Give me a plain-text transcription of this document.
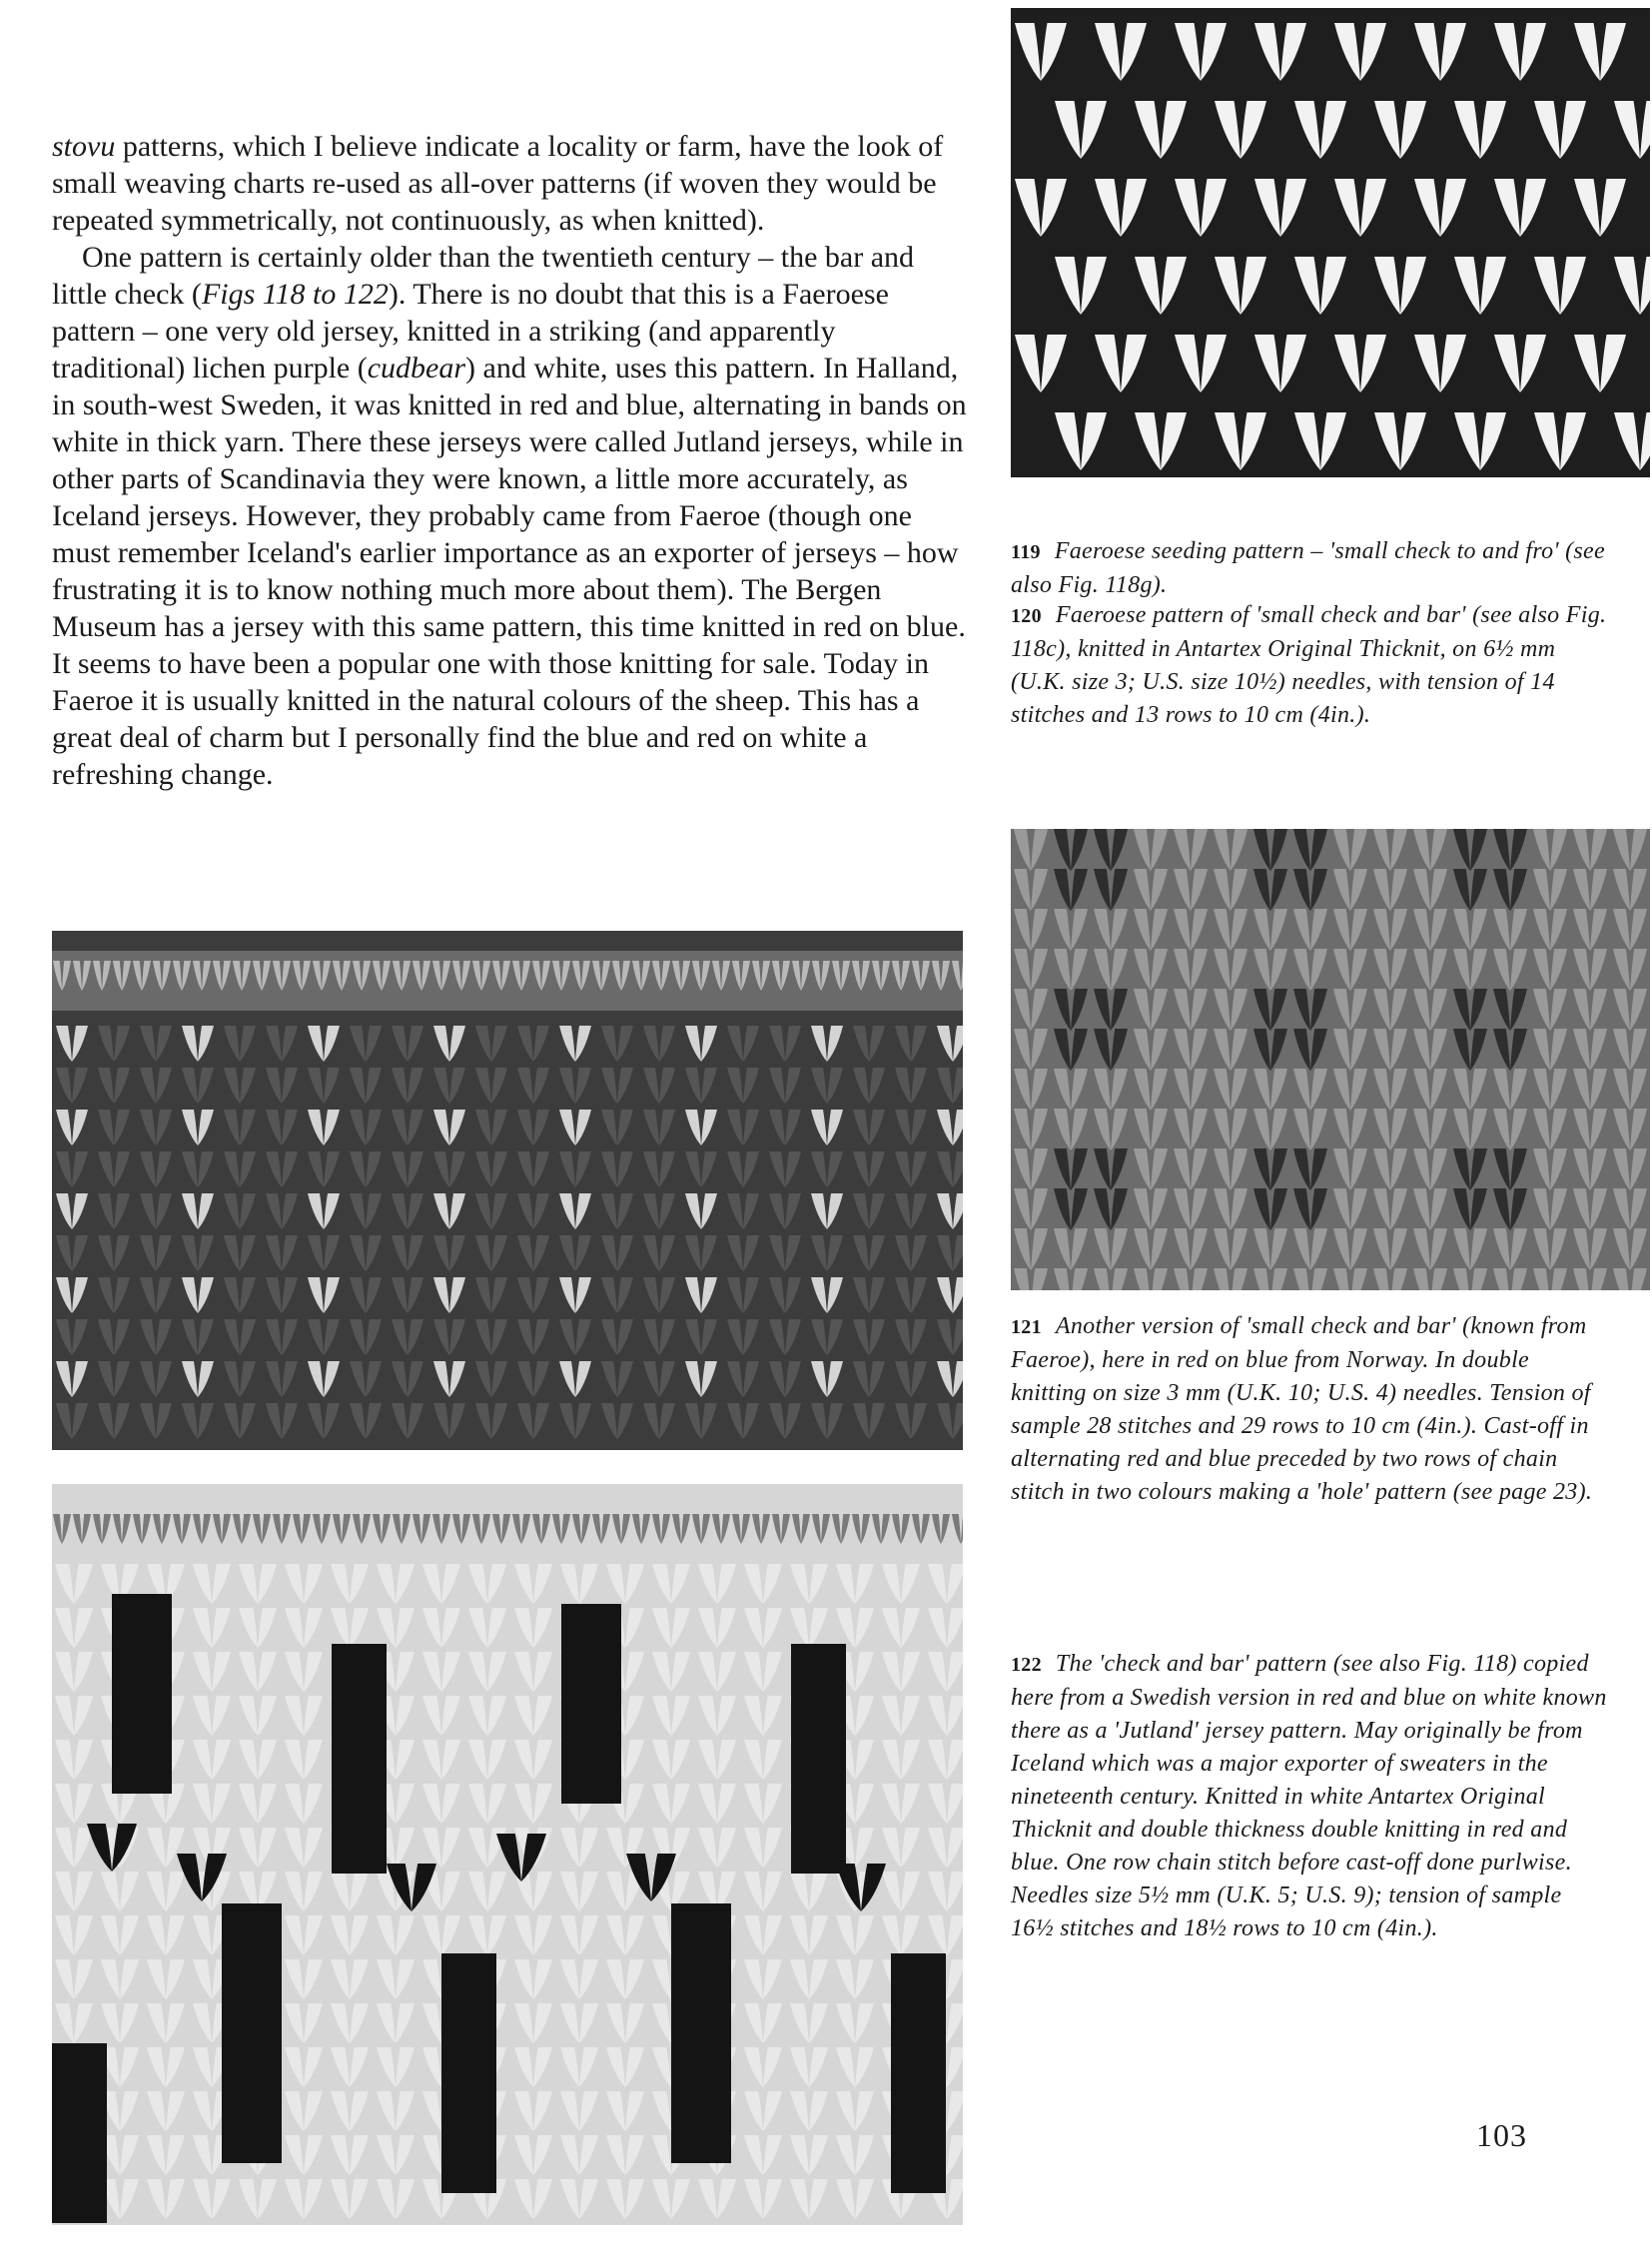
stovu patterns, which I believe indicate a locality or farm, have the look of small weaving charts re-used as all-over patterns (if woven they would be repeated symmetrically, not continuously, as when knitted).

One pattern is certainly older than the twentieth century – the bar and little check (Figs 118 to 122). There is no doubt that this is a Faeroese pattern – one very old jersey, knitted in a striking (and apparently traditional) lichen purple (cudbear) and white, uses this pattern. In Halland, in south-west Sweden, it was knitted in red and blue, alternating in bands on white in thick yarn. There these jerseys were called Jutland jerseys, while in other parts of Scandinavia they were known, a little more accurately, as Iceland jerseys. However, they probably came from Faeroe (though one must remember Iceland's earlier importance as an exporter of jerseys – how frustrating it is to know nothing much more about them). The Bergen Museum has a jersey with this same pattern, this time knitted in red on blue. It seems to have been a popular one with those knitting for sale. Today in Faeroe it is usually knitted in the natural colours of the sheep. This has a great deal of charm but I personally find the blue and red on white a refreshing change.

119 Faeroese seeding pattern – 'small check to and fro' (see also Fig. 118g).

120 Faeroese pattern of 'small check and bar' (see also Fig. 118c), knitted in Antartex Original Thicknit, on 6½ mm (U.K. size 3; U.S. size 10½) needles, with tension of 14 stitches and 13 rows to 10 cm (4in.).

121 Another version of 'small check and bar' (known from Faeroe), here in red on blue from Norway. In double knitting on size 3 mm (U.K. 10; U.S. 4) needles. Tension of sample 28 stitches and 29 rows to 10 cm (4in.). Cast-off in alternating red and blue preceded by two rows of chain stitch in two colours making a 'hole' pattern (see page 23).

122 The 'check and bar' pattern (see also Fig. 118) copied here from a Swedish version in red and blue on white known there as a 'Jutland' jersey pattern. May originally be from Iceland which was a major exporter of sweaters in the nineteenth century. Knitted in white Antartex Original Thicknit and double thickness double knitting in red and blue. One row chain stitch before cast-off done purlwise. Needles size 5½ mm (U.K. 5; U.S. 9); tension of sample 16½ stitches and 18½ rows to 10 cm (4in.).

103
